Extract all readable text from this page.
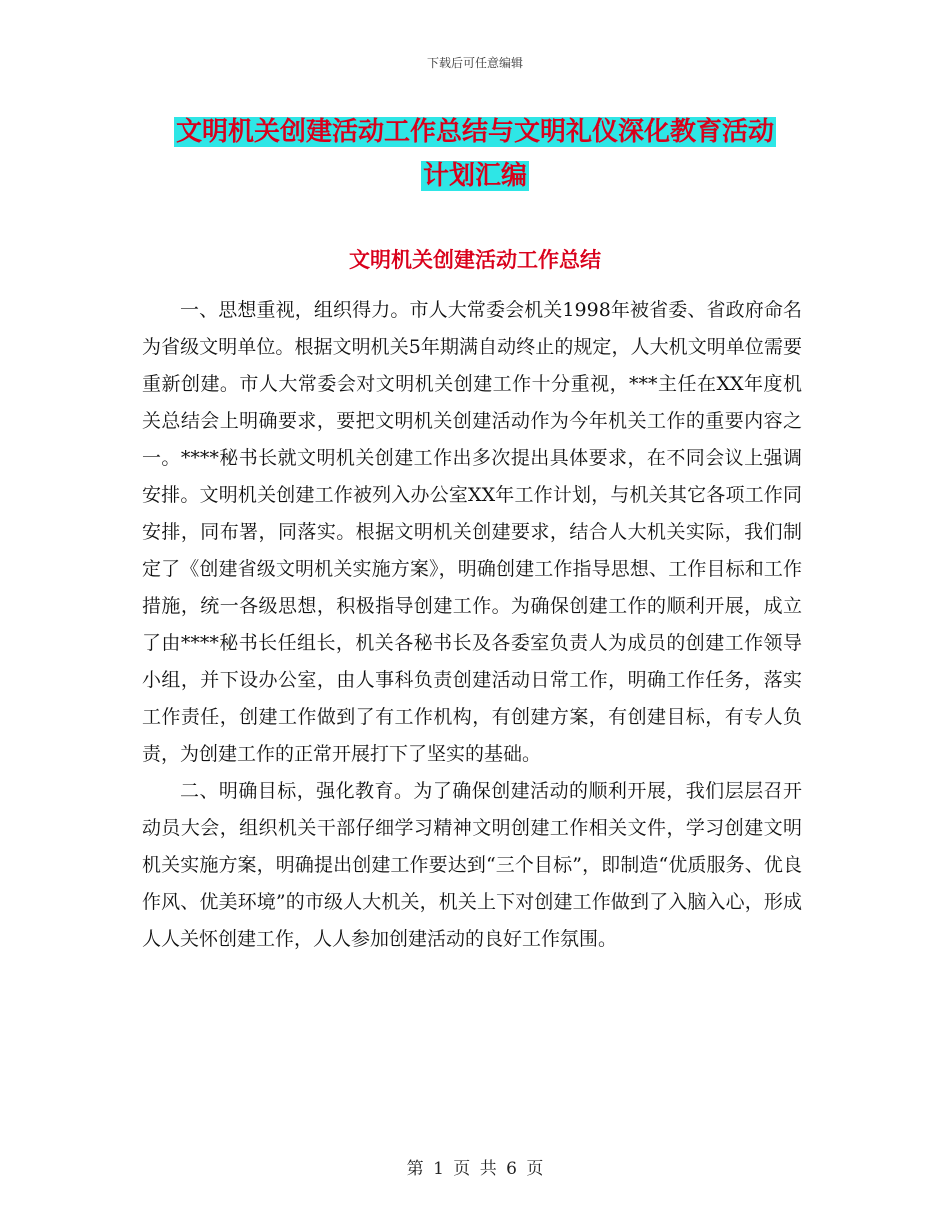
下载后可任意编辑
文明机关创建活动工作总结与文明礼仪深化教育活动
计划汇编
文明机关创建活动工作总结

一、思想重视，组织得力。市人大常委会机关1998年被省委、省政府命名为省级文明单位。根据文明机关5年期满自动终止的规定，人大机文明单位需要重新创建。市人大常委会对文明机关创建工作十分重视，***主任在XX年度机关总结会上明确要求，要把文明机关创建活动作为今年机关工作的重要内容之一。****秘书长就文明机关创建工作出多次提出具体要求，在不同会议上强调安排。文明机关创建工作被列入办公室XX年工作计划，与机关其它各项工作同安排，同布署，同落实。根据文明机关创建要求，结合人大机关实际，我们制定了《创建省级文明机关实施方案》，明确创建工作指导思想、工作目标和工作措施，统一各级思想，积极指导创建工作。为确保创建工作的顺利开展，成立了由****秘书长任组长，机关各秘书长及各委室负责人为成员的创建工作领导小组，并下设办公室，由人事科负责创建活动日常工作，明确工作任务，落实工作责任，创建工作做到了有工作机构，有创建方案，有创建目标，有专人负责，为创建工作的正常开展打下了坚实的基础。

二、明确目标，强化教育。为了确保创建活动的顺利开展，我们层层召开动员大会，组织机关干部仔细学习精神文明创建工作相关文件，学习创建文明机关实施方案，明确提出创建工作要达到“三个目标”，即制造“优质服务、优良作风、优美环境”的市级人大机关，机关上下对创建工作做到了入脑入心，形成人人关怀创建工作，人人参加创建活动的良好工作氛围。

第 1 页 共 6 页
